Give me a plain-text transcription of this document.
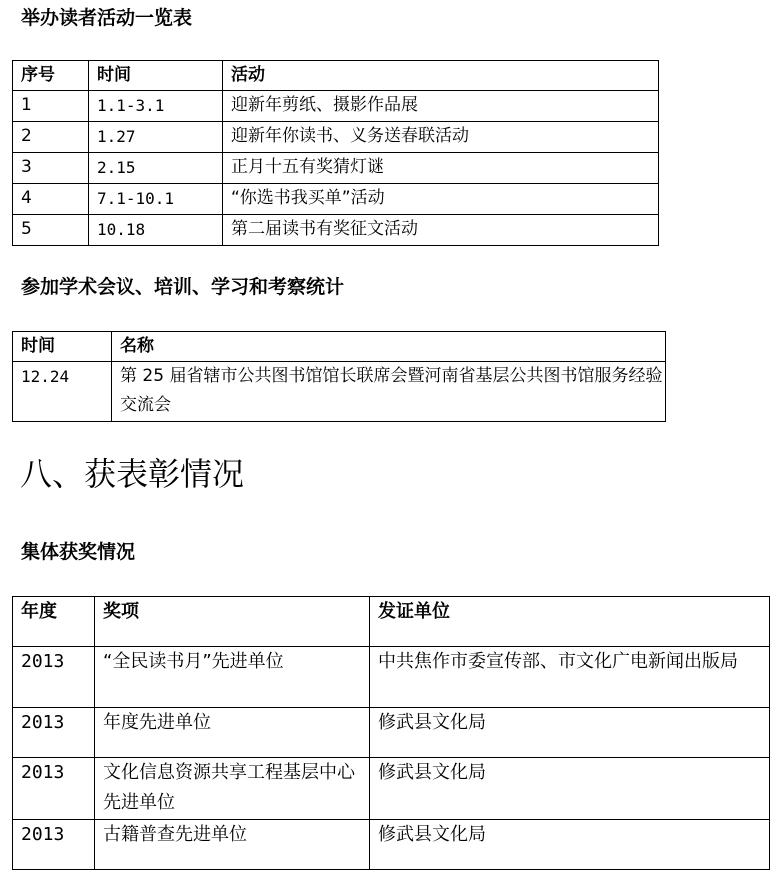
举办读者活动一览表
序号	时间	活动
1	1.1-3.1	迎新年剪纸、摄影作品展
2	1.27	迎新年你读书、义务送春联活动
3	2.15	正月十五有奖猜灯谜
4	7.1-10.1	“你选书我买单”活动
5	10.18	第二届读书有奖征文活动
参加学术会议、培训、学习和考察统计
时间	名称
12.24	第 25 届省辖市公共图书馆馆长联席会暨河南省基层公共图书馆服务经验交流会
八、获表彰情况
集体获奖情况
年度	奖项	发证单位
2013	“全民读书月”先进单位	中共焦作市委宣传部、市文化广电新闻出版局
2013	年度先进单位	修武县文化局
2013	文化信息资源共享工程基层中心先进单位	修武县文化局
2013	古籍普查先进单位	修武县文化局
